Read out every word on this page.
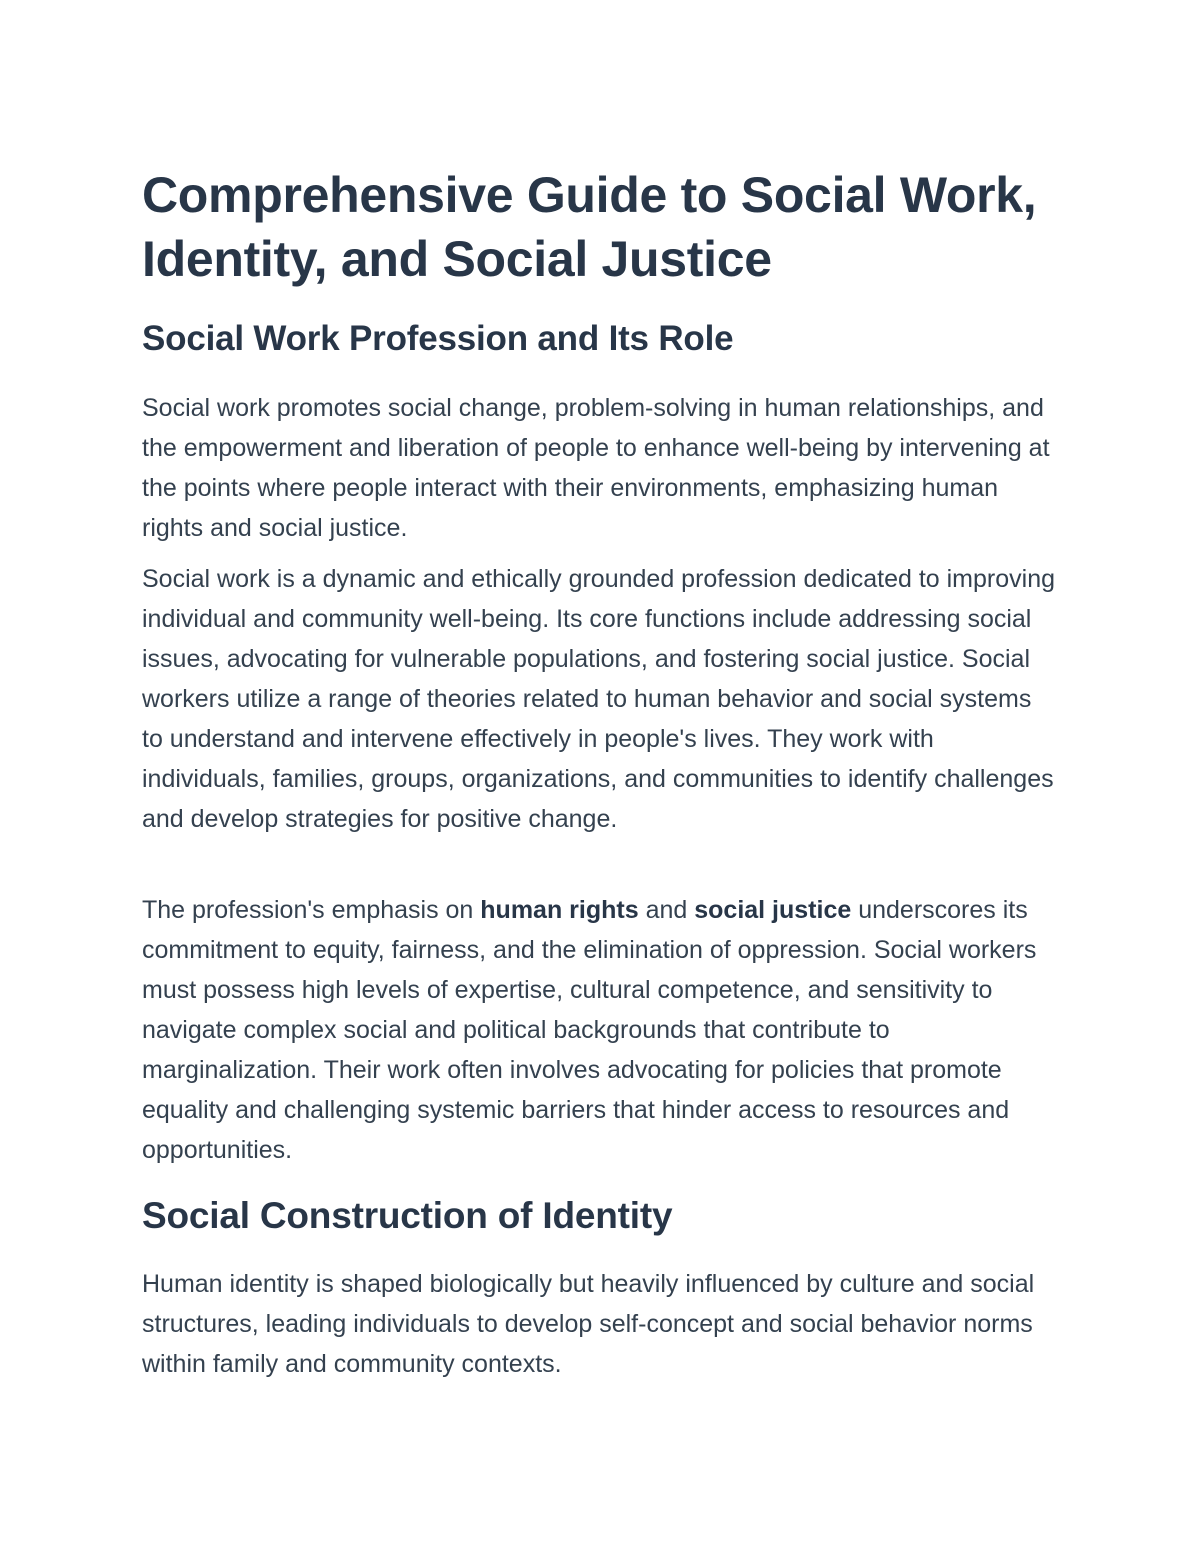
Comprehensive Guide to Social Work, Identity, and Social Justice
Social Work Profession and Its Role

Social work promotes social change, problem-solving in human relationships, and the empowerment and liberation of people to enhance well-being by intervening at the points where people interact with their environments, emphasizing human rights and social justice.

Social work is a dynamic and ethically grounded profession dedicated to improving individual and community well-being. Its core functions include addressing social issues, advocating for vulnerable populations, and fostering social justice. Social workers utilize a range of theories related to human behavior and social systems to understand and intervene effectively in people's lives. They work with individuals, families, groups, organizations, and communities to identify challenges and develop strategies for positive change.

The profession's emphasis on human rights and social justice underscores its commitment to equity, fairness, and the elimination of oppression. Social workers must possess high levels of expertise, cultural competence, and sensitivity to navigate complex social and political backgrounds that contribute to marginalization. Their work often involves advocating for policies that promote equality and challenging systemic barriers that hinder access to resources and opportunities.

Social Construction of Identity

Human identity is shaped biologically but heavily influenced by culture and social structures, leading individuals to develop self-concept and social behavior norms within family and community contexts.
